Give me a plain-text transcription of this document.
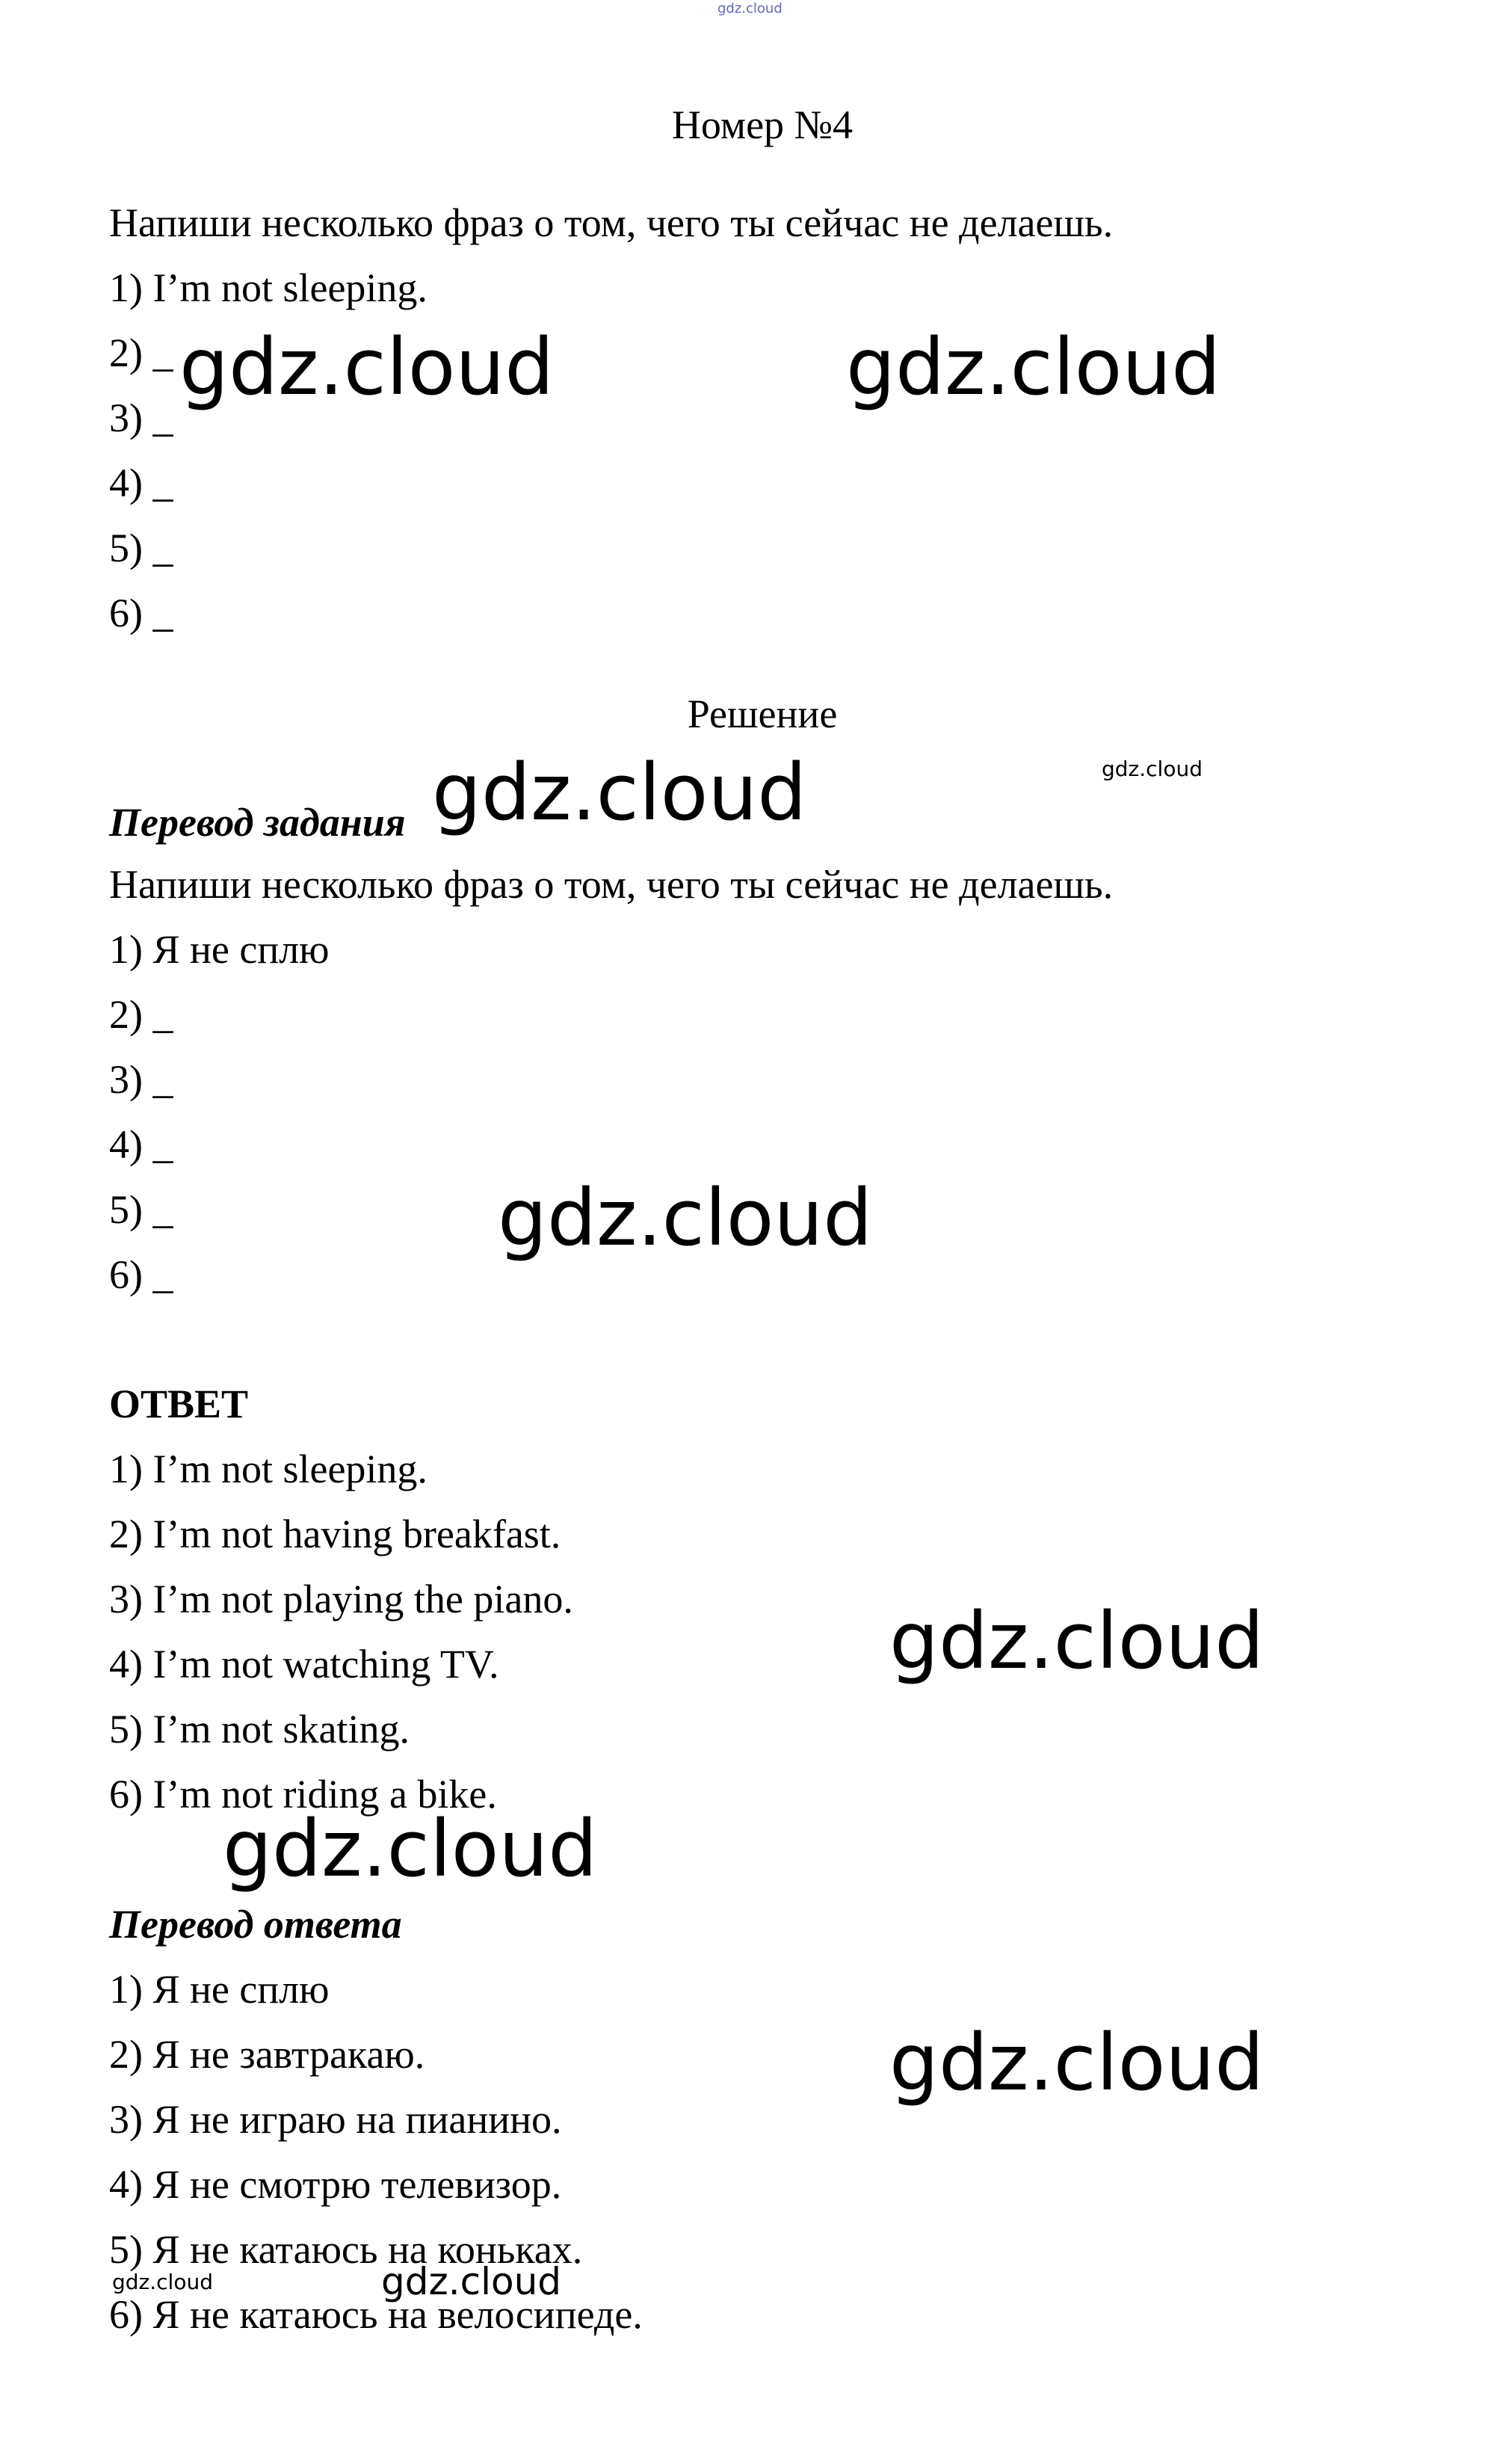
gdz.cloud
Номер №4
Напиши несколько фраз о том, чего ты сейчас не делаешь.
1) I’m not sleeping.
2) _
3) _
4) _
5) _
6) _
Решение
Перевод задания
Напиши несколько фраз о том, чего ты сейчас не делаешь.
1) Я не сплю
2) _
3) _
4) _
5) _
6) _
ОТВЕТ
1) I’m not sleeping.
2) I’m not having breakfast.
3) I’m not playing the piano.
4) I’m not watching TV.
5) I’m not skating.
6) I’m not riding a bike.
Перевод ответа
1) Я не сплю
2) Я не завтракаю.
3) Я не играю на пианино.
4) Я не смотрю телевизор.
5) Я не катаюсь на коньках.
6) Я не катаюсь на велосипеде.
gdz.cloud	gdz.cloud
gdz.cloud	gdz.cloud
gdz.cloud
gdz.cloud
gdz.cloud
gdz.cloud
gdz.cloud	gdz.cloud
